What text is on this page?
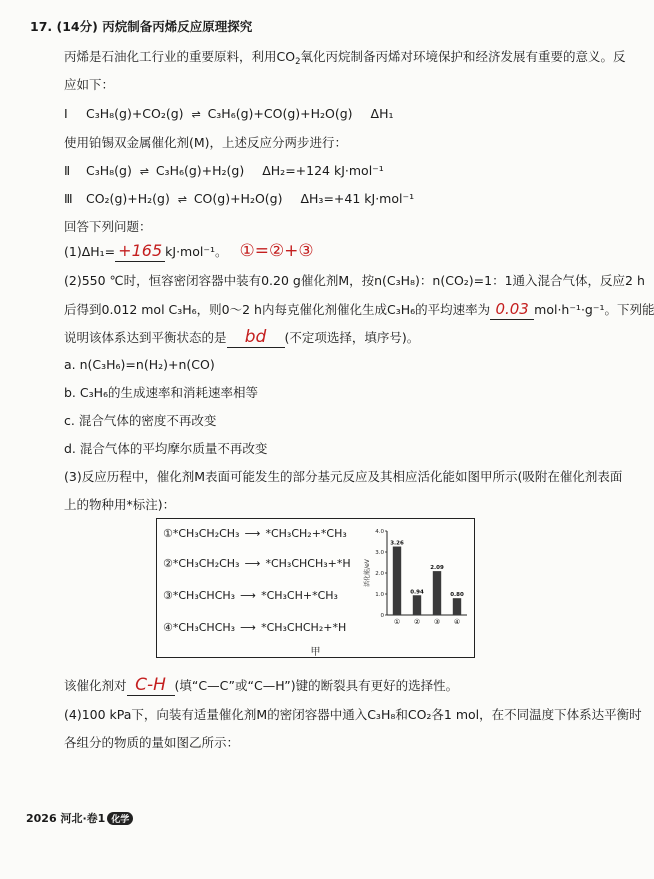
17. (14分) 丙烷制备丙烯反应原理探究
丙烯是石油化工行业的重要原料，利用$CO_2$氧化丙烷制备丙烯对环境保护和经济发展有重要的意义。反
应如下：
Ⅰ C₃H₈(g)+CO₂(g) ⇌ C₃H₆(g)+CO(g)+H₂O(g) ΔH₁
使用铂锡双金属催化剂(M)，上述反应分两步进行：
Ⅱ C₃H₈(g) ⇌ C₃H₆(g)+H₂(g) ΔH₂=+124 kJ·mol⁻¹
Ⅲ CO₂(g)+H₂(g) ⇌ CO(g)+H₂O(g) ΔH₃=+41 kJ·mol⁻¹
回答下列问题：
(1)ΔH₁= +165 kJ·mol⁻¹。 ①=②+③
(2)550 ℃时，恒容密闭容器中装有0.20 g催化剂M，按n(C₃H₈)：n(CO₂)=1：1通入混合气体，反应2 h
后得到0.012 mol C₃H₆，则0～2 h内每克催化剂催化生成C₃H₆的平均速率为 0.03 mol·h⁻¹·g⁻¹。下列能
说明该体系达到平衡状态的是 bd (不定项选择，填序号)。
a. n(C₃H₆)=n(H₂)+n(CO)
b. C₃H₆的生成速率和消耗速率相等
c. 混合气体的密度不再改变
d. 混合气体的平均摩尔质量不再改变
(3)反应历程中，催化剂M表面可能发生的部分基元反应及其相应活化能如图甲所示(吸附在催化剂表面
上的物种用*标注)：
①*CH₃CH₂CH₃ ⟶ *CH₃CH₂+*CH₃
②*CH₃CH₂CH₃ ⟶ *CH₃CHCH₃+*H
③*CH₃CHCH₃ ⟶ *CH₃CH+*CH₃
④*CH₃CHCH₃ ⟶ *CH₃CHCH₂+*H
活化能/eV
4.0
3.0
2.0
1.0
0
3.26
①
0.94
②
2.09
③
0.80
④
甲
该催化剂对 C-H (填“C—C”或“C—H”)键的断裂具有更好的选择性。
(4)100 kPa下，向装有适量催化剂M的密闭容器中通入C₃H₈和CO₂各1 mol，在不同温度下体系达平衡时
各组分的物质的量如图乙所示：
2026 河北·卷1 化学
